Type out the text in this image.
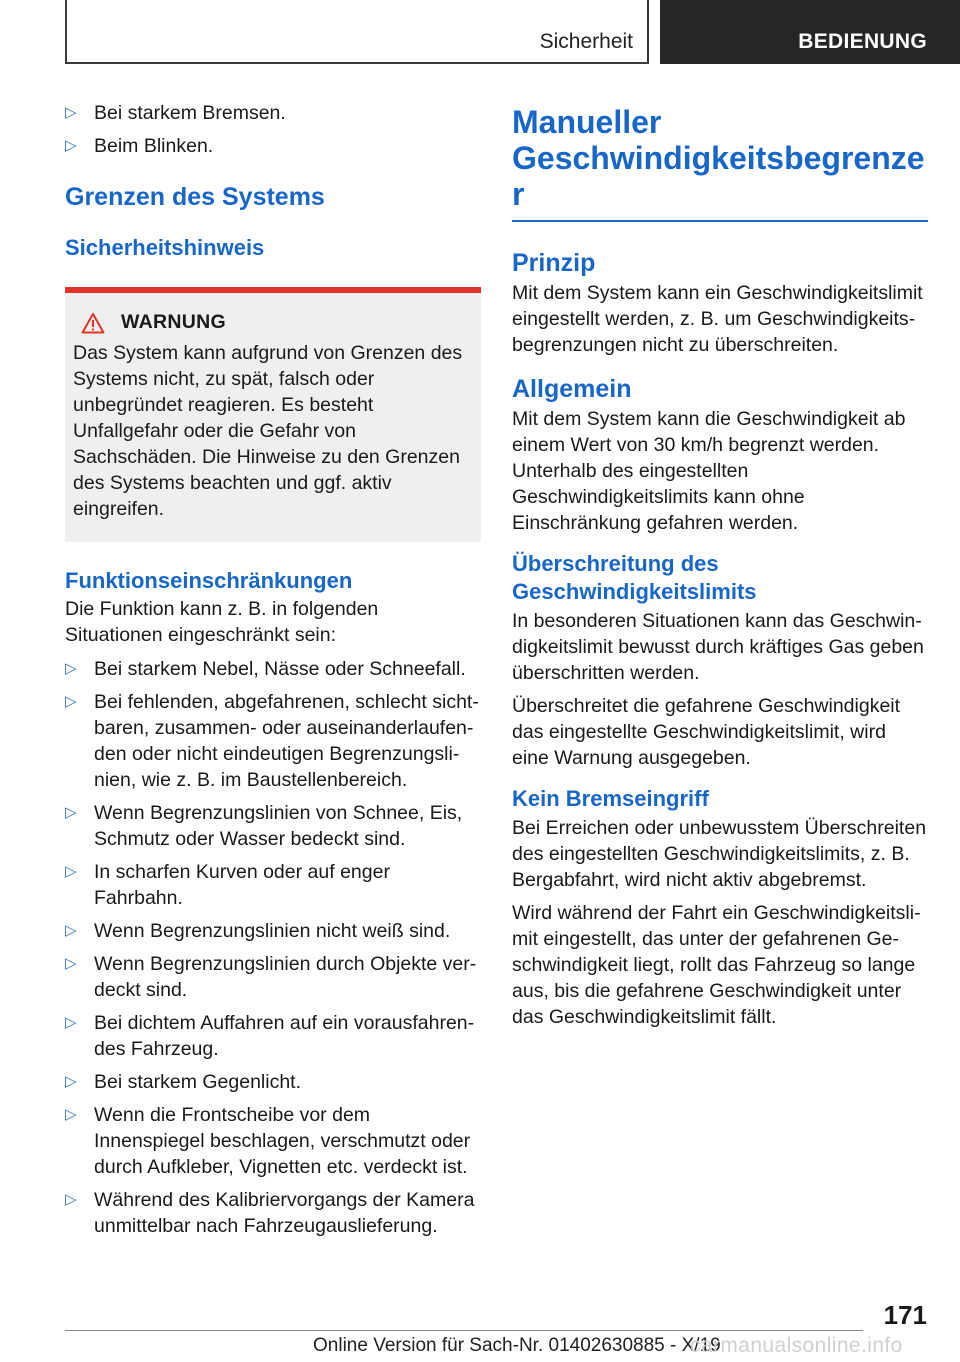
Sicherheit	BEDIENUNG
▷ Bei starkem Bremsen.
▷ Beim Blinken.
Grenzen des Systems
Sicherheitshinweis
WARNUNG
Das System kann aufgrund von Grenzen des Systems nicht, zu spät, falsch oder unbegründet reagieren. Es besteht Unfallgefahr oder die Gefahr von Sachschäden. Die Hinweise zu den Grenzen des Systems beachten und ggf. aktiv eingreifen.
Funktionseinschränkungen
Die Funktion kann z. B. in folgenden Situationen eingeschränkt sein:
▷ Bei starkem Nebel, Nässe oder Schneefall.
▷ Bei fehlenden, abgefahrenen, schlecht sichtbaren, zusammen- oder auseinanderlaufenden oder nicht eindeutigen Begrenzungslinien, wie z. B. im Baustellenbereich.
▷ Wenn Begrenzungslinien von Schnee, Eis, Schmutz oder Wasser bedeckt sind.
▷ In scharfen Kurven oder auf enger Fahrbahn.
▷ Wenn Begrenzungslinien nicht weiß sind.
▷ Wenn Begrenzungslinien durch Objekte verdeckt sind.
▷ Bei dichtem Auffahren auf ein vorausfahrendes Fahrzeug.
▷ Bei starkem Gegenlicht.
▷ Wenn die Frontscheibe vor dem Innenspiegel beschlagen, verschmutzt oder durch Aufkleber, Vignetten etc. verdeckt ist.
▷ Während des Kalibriervorgangs der Kamera unmittelbar nach Fahrzeugauslieferung.
Manueller Geschwindigkeitsbegrenze r
Prinzip
Mit dem System kann ein Geschwindigkeitslimit eingestellt werden, z. B. um Geschwindigkeitsbegrenzungen nicht zu überschreiten.
Allgemein
Mit dem System kann die Geschwindigkeit ab einem Wert von 30 km/h begrenzt werden. Unterhalb des eingestellten Geschwindigkeitslimits kann ohne Einschränkung gefahren werden.
Überschreitung des Geschwindigkeitslimits
In besonderen Situationen kann das Geschwindigkeitslimit bewusst durch kräftiges Gas geben überschritten werden.
Überschreitet die gefahrene Geschwindigkeit das eingestellte Geschwindigkeitslimit, wird eine Warnung ausgegeben.
Kein Bremseingriff
Bei Erreichen oder unbewusstem Überschreiten des eingestellten Geschwindigkeitslimits, z. B. Bergabfahrt, wird nicht aktiv abgebremst.
Wird während der Fahrt ein Geschwindigkeitslimit eingestellt, das unter der gefahrenen Geschwindigkeit liegt, rollt das Fahrzeug so lange aus, bis die gefahrene Geschwindigkeit unter das Geschwindigkeitslimit fällt.
171
Online Version für Sach-Nr. 01402630885 - X/19
carmanualsonline.info
